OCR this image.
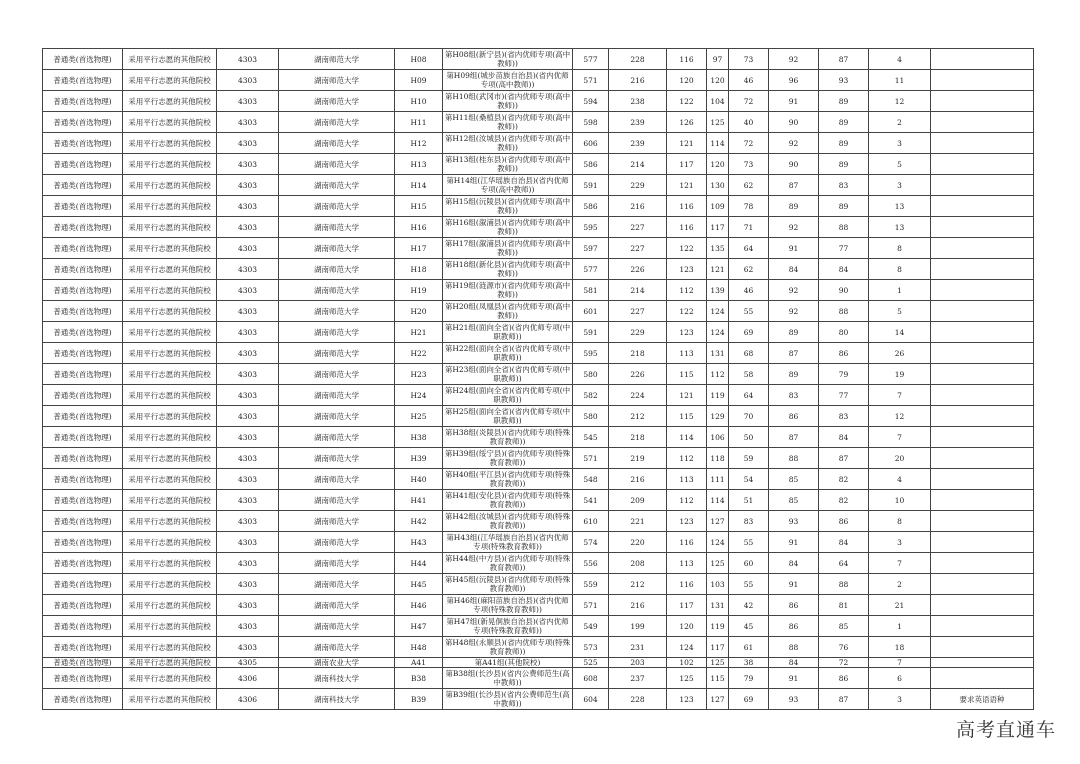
普通类(首选物理)	采用平行志愿的其他院校	4303	湖南师范大学	H08	第H08组(新宁县)(省内优师专项(高中教师))	577	228	116	97	73	92	87	4	
普通类(首选物理)	采用平行志愿的其他院校	4303	湖南师范大学	H09	第H09组(城步苗族自治县)(省内优师专项(高中教师))	571	216	120	120	46	96	93	11	
普通类(首选物理)	采用平行志愿的其他院校	4303	湖南师范大学	H10	第H10组(武冈市)(省内优师专项(高中教师))	594	238	122	104	72	91	89	12	
普通类(首选物理)	采用平行志愿的其他院校	4303	湖南师范大学	H11	第H11组(桑植县)(省内优师专项(高中教师))	598	239	126	125	40	90	89	2	
普通类(首选物理)	采用平行志愿的其他院校	4303	湖南师范大学	H12	第H12组(汝城县)(省内优师专项(高中教师))	606	239	121	114	72	92	89	3	
普通类(首选物理)	采用平行志愿的其他院校	4303	湖南师范大学	H13	第H13组(桂东县)(省内优师专项(高中教师))	586	214	117	120	73	90	89	5	
普通类(首选物理)	采用平行志愿的其他院校	4303	湖南师范大学	H14	第H14组(江华瑶族自治县)(省内优师专项(高中教师))	591	229	121	130	62	87	83	3	
普通类(首选物理)	采用平行志愿的其他院校	4303	湖南师范大学	H15	第H15组(沅陵县)(省内优师专项(高中教师))	586	216	116	109	78	89	89	13	
普通类(首选物理)	采用平行志愿的其他院校	4303	湖南师范大学	H16	第H16组(溆浦县)(省内优师专项(高中教师))	595	227	116	117	71	92	88	13	
普通类(首选物理)	采用平行志愿的其他院校	4303	湖南师范大学	H17	第H17组(溆浦县)(省内优师专项(高中教师))	597	227	122	135	64	91	77	8	
普通类(首选物理)	采用平行志愿的其他院校	4303	湖南师范大学	H18	第H18组(新化县)(省内优师专项(高中教师))	577	226	123	121	62	84	84	8	
普通类(首选物理)	采用平行志愿的其他院校	4303	湖南师范大学	H19	第H19组(涟源市)(省内优师专项(高中教师))	581	214	112	139	46	92	90	1	
普通类(首选物理)	采用平行志愿的其他院校	4303	湖南师范大学	H20	第H20组(凤凰县)(省内优师专项(高中教师))	601	227	122	124	55	92	88	5	
普通类(首选物理)	采用平行志愿的其他院校	4303	湖南师范大学	H21	第H21组(面向全省)(省内优师专项(中职教师))	591	229	123	124	69	89	80	14	
普通类(首选物理)	采用平行志愿的其他院校	4303	湖南师范大学	H22	第H22组(面向全省)(省内优师专项(中职教师))	595	218	113	131	68	87	86	26	
普通类(首选物理)	采用平行志愿的其他院校	4303	湖南师范大学	H23	第H23组(面向全省)(省内优师专项(中职教师))	580	226	115	112	58	89	79	19	
普通类(首选物理)	采用平行志愿的其他院校	4303	湖南师范大学	H24	第H24组(面向全省)(省内优师专项(中职教师))	582	224	121	119	64	83	77	7	
普通类(首选物理)	采用平行志愿的其他院校	4303	湖南师范大学	H25	第H25组(面向全省)(省内优师专项(中职教师))	580	212	115	129	70	86	83	12	
普通类(首选物理)	采用平行志愿的其他院校	4303	湖南师范大学	H38	第H38组(炎陵县)(省内优师专项(特殊教育教师))	545	218	114	106	50	87	84	7	
普通类(首选物理)	采用平行志愿的其他院校	4303	湖南师范大学	H39	第H39组(绥宁县)(省内优师专项(特殊教育教师))	571	219	112	118	59	88	87	20	
普通类(首选物理)	采用平行志愿的其他院校	4303	湖南师范大学	H40	第H40组(平江县)(省内优师专项(特殊教育教师))	548	216	113	111	54	85	82	4	
普通类(首选物理)	采用平行志愿的其他院校	4303	湖南师范大学	H41	第H41组(安化县)(省内优师专项(特殊教育教师))	541	209	112	114	51	85	82	10	
普通类(首选物理)	采用平行志愿的其他院校	4303	湖南师范大学	H42	第H42组(汝城县)(省内优师专项(特殊教育教师))	610	221	123	127	83	93	86	8	
普通类(首选物理)	采用平行志愿的其他院校	4303	湖南师范大学	H43	第H43组(江华瑶族自治县)(省内优师专项(特殊教育教师))	574	220	116	124	55	91	84	3	
普通类(首选物理)	采用平行志愿的其他院校	4303	湖南师范大学	H44	第H44组(中方县)(省内优师专项(特殊教育教师))	556	208	113	125	60	84	64	7	
普通类(首选物理)	采用平行志愿的其他院校	4303	湖南师范大学	H45	第H45组(沅陵县)(省内优师专项(特殊教育教师))	559	212	116	103	55	91	88	2	
普通类(首选物理)	采用平行志愿的其他院校	4303	湖南师范大学	H46	第H46组(麻阳苗族自治县)(省内优师专项(特殊教育教师))	571	216	117	131	42	86	81	21	
普通类(首选物理)	采用平行志愿的其他院校	4303	湖南师范大学	H47	第H47组(新晃侗族自治县)(省内优师专项(特殊教育教师))	549	199	120	119	45	86	85	1	
普通类(首选物理)	采用平行志愿的其他院校	4303	湖南师范大学	H48	第H48组(永顺县)(省内优师专项(特殊教育教师))	573	231	124	117	61	88	76	18	
普通类(首选物理)	采用平行志愿的其他院校	4305	湖南农业大学	A41	第A41组(其他院校)	525	203	102	125	38	84	72	7	
普通类(首选物理)	采用平行志愿的其他院校	4306	湖南科技大学	B38	第B38组(长沙县)(省内公费师范生(高中教师))	608	237	125	115	79	91	86	6	
普通类(首选物理)	采用平行志愿的其他院校	4306	湖南科技大学	B39	第B39组(长沙县)(省内公费师范生(高中教师))	604	228	123	127	69	93	87	3	要求英语语种
高考直通车
